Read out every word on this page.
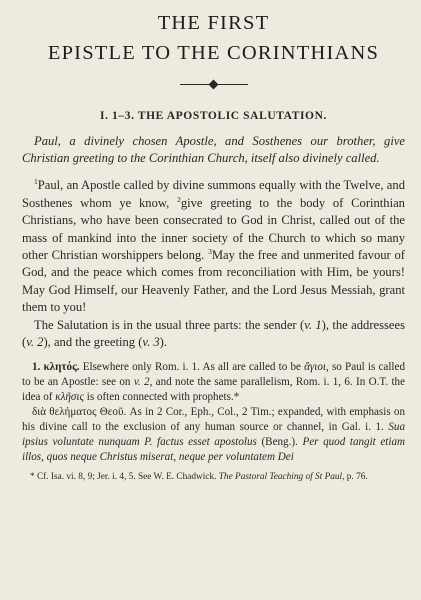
THE FIRST
EPISTLE TO THE CORINTHIANS
I. 1–3. THE APOSTOLIC SALUTATION.

Paul, a divinely chosen Apostle, and Sosthenes our brother, give Christian greeting to the Corinthian Church, itself also divinely called.

$^1$Paul, an Apostle called by divine summons equally with the Twelve, and Sosthenes whom ye know, $^2$give greeting to the body of Corinthian Christians, who have been consecrated to God in Christ, called out of the mass of mankind into the inner society of the Church to which so many other Christian worshippers belong. $^3$May the free and unmerited favour of God, and the peace which comes from reconciliation with Him, be yours! May God Himself, our Heavenly Father, and the Lord Jesus Messiah, grant them to you!

The Salutation is in the usual three parts: the sender (v. 1), the addressees (v. 2), and the greeting (v. 3).

1. κλητός. Elsewhere only Rom. i. 1. As all are called to be ἅγιοι, so Paul is called to be an Apostle: see on v. 2, and note the same parallelism, Rom. i. 1, 6. In O.T. the idea of κλῆσις is often connected with prophets.*

διὰ θελήματος Θεοῦ. As in 2 Cor., Eph., Col., 2 Tim.; expanded, with emphasis on his divine call to the exclusion of any human source or channel, in Gal. i. 1. Sua ipsius voluntate nunquam P. factus esset apostolus (Beng.). Per quod tangit etiam illos, quos neque Christus miserat, neque per voluntatem Dei

* Cf. Isa. vi. 8, 9; Jer. i. 4, 5. See W. E. Chadwick. The Pastoral Teaching of St Paul, p. 76.
